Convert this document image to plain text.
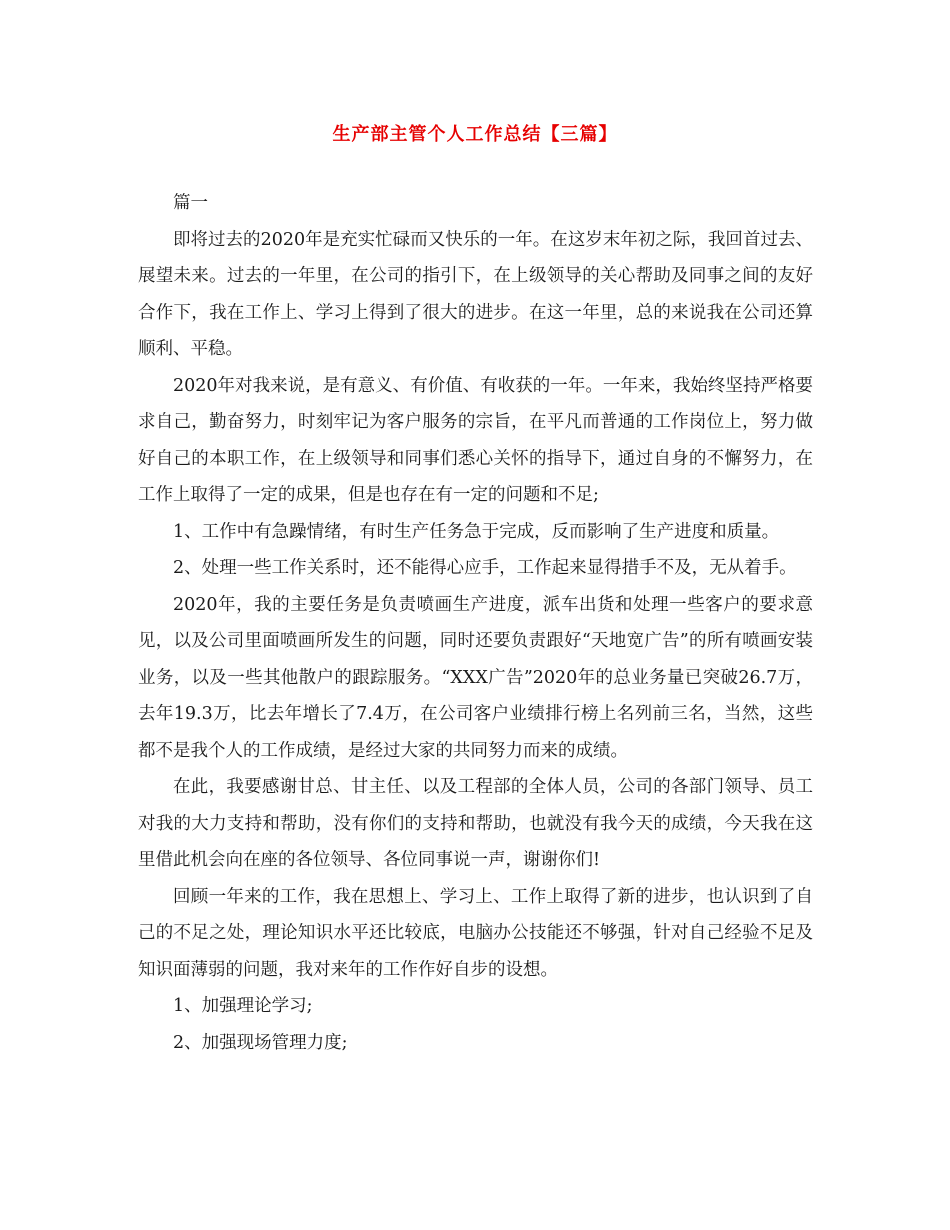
生产部主管个人工作总结【三篇】

篇一

即将过去的2020年是充实忙碌而又快乐的一年。在这岁末年初之际，我回首过去、展望未来。过去的一年里，在公司的指引下，在上级领导的关心帮助及同事之间的友好合作下，我在工作上、学习上得到了很大的进步。在这一年里，总的来说我在公司还算顺利、平稳。

2020年对我来说，是有意义、有价值、有收获的一年。一年来，我始终坚持严格要求自己，勤奋努力，时刻牢记为客户服务的宗旨，在平凡而普通的工作岗位上，努力做好自己的本职工作，在上级领导和同事们悉心关怀的指导下，通过自身的不懈努力，在工作上取得了一定的成果，但是也存在有一定的问题和不足;

1、工作中有急躁情绪，有时生产任务急于完成，反而影响了生产进度和质量。

2、处理一些工作关系时，还不能得心应手，工作起来显得措手不及，无从着手。

2020年，我的主要任务是负责喷画生产进度，派车出货和处理一些客户的要求意见，以及公司里面喷画所发生的问题，同时还要负责跟好“天地宽广告”的所有喷画安装业务，以及一些其他散户的跟踪服务。“XXX广告”2020年的总业务量已突破26.7万，去年19.3万，比去年增长了7.4万，在公司客户业绩排行榜上名列前三名，当然，这些都不是我个人的工作成绩，是经过大家的共同努力而来的成绩。

在此，我要感谢甘总、甘主任、以及工程部的全体人员，公司的各部门领导、员工对我的大力支持和帮助，没有你们的支持和帮助，也就没有我今天的成绩，今天我在这里借此机会向在座的各位领导、各位同事说一声，谢谢你们!

回顾一年来的工作，我在思想上、学习上、工作上取得了新的进步，也认识到了自己的不足之处，理论知识水平还比较底，电脑办公技能还不够强，针对自己经验不足及知识面薄弱的问题，我对来年的工作作好自步的设想。

1、加强理论学习;

2、加强现场管理力度;
